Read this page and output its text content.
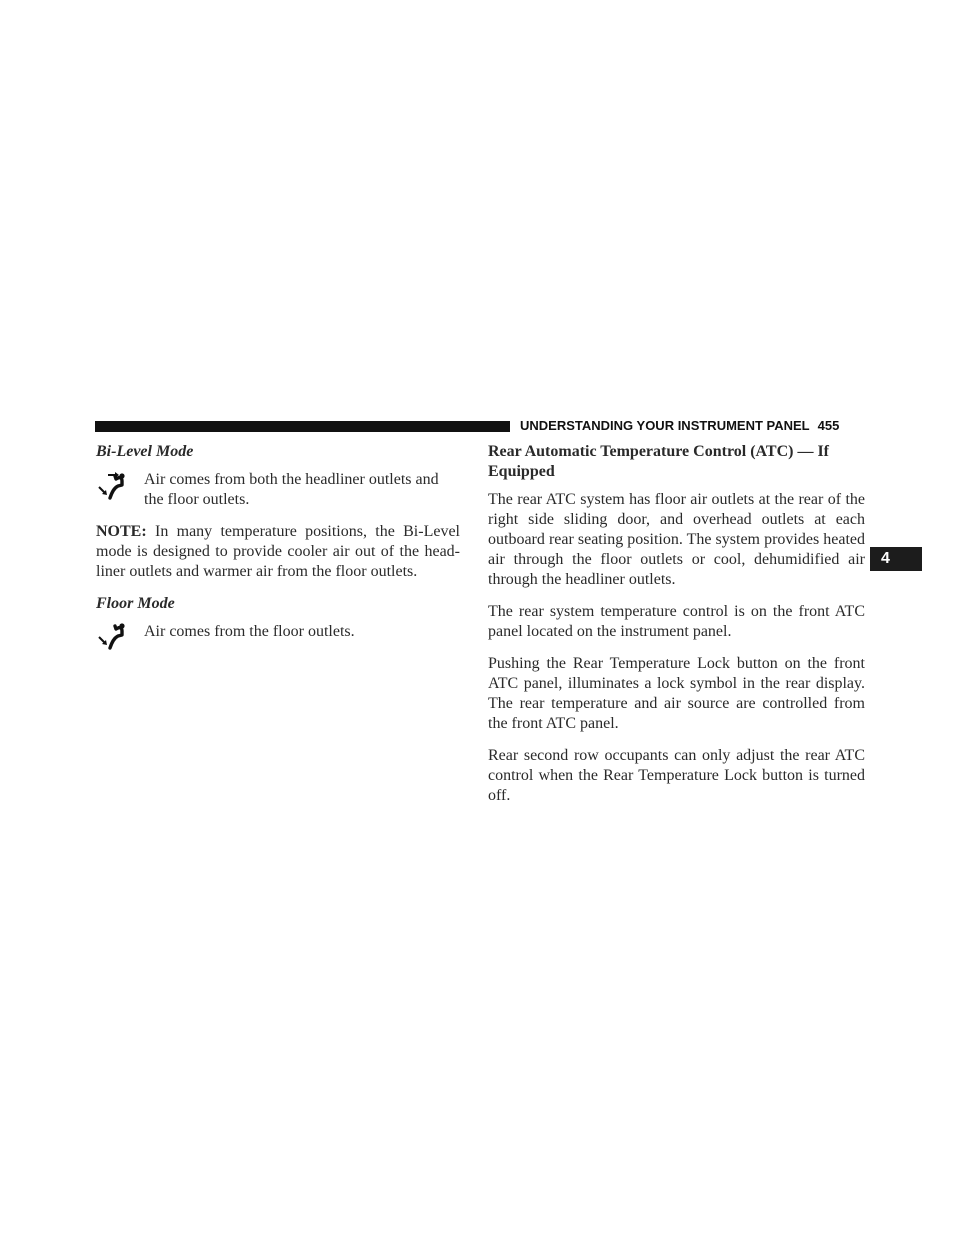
UNDERSTANDING YOUR INSTRUMENT PANEL 455
4
Bi-Level Mode
Air comes from both the headliner outlets and the floor outlets.

NOTE: In many temperature positions, the Bi-Level mode is designed to provide cooler air out of the head-liner outlets and warmer air from the floor outlets.

Floor Mode
Air comes from the floor outlets.
Rear Automatic Temperature Control (ATC) — If Equipped

The rear ATC system has floor air outlets at the rear of the right side sliding door, and overhead outlets at each outboard rear seating position. The system provides heated air through the floor outlets or cool, dehumidified air through the headliner outlets.

The rear system temperature control is on the front ATC panel located on the instrument panel.

Pushing the Rear Temperature Lock button on the front ATC panel, illuminates a lock symbol in the rear display. The rear temperature and air source are controlled from the front ATC panel.

Rear second row occupants can only adjust the rear ATC control when the Rear Temperature Lock button is turned off.
